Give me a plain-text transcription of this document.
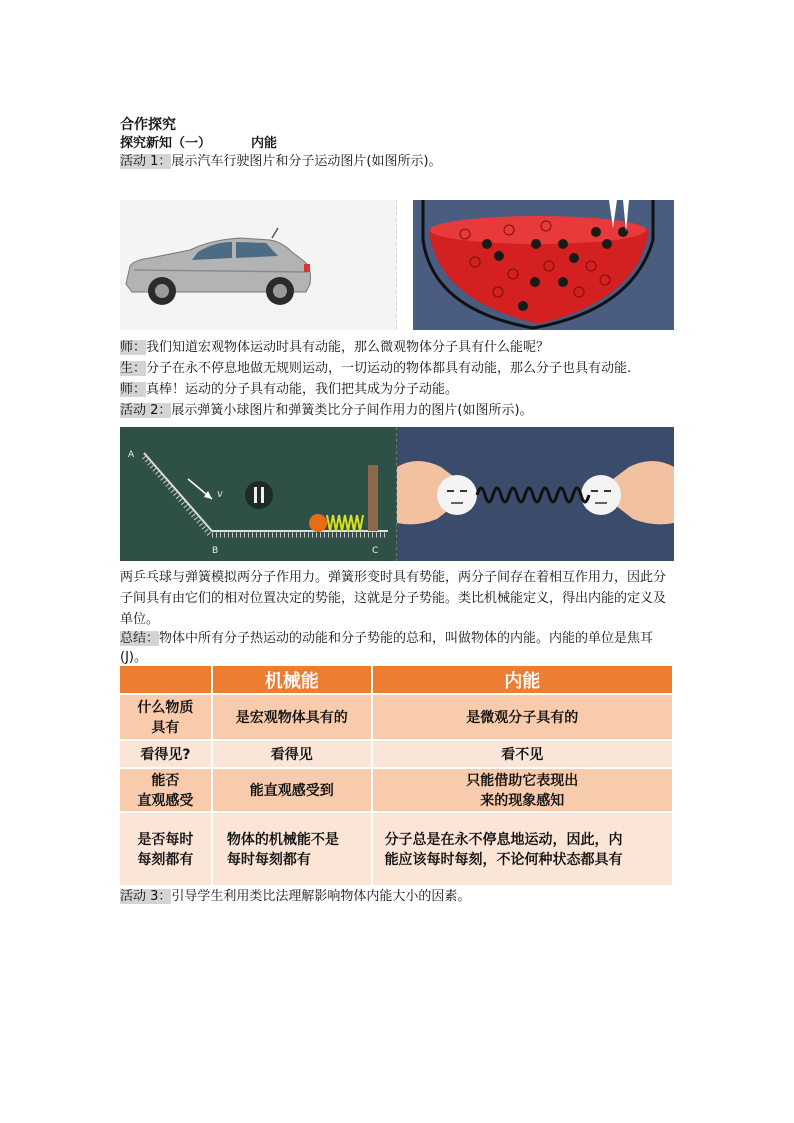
合作探究
探究新知（一）	内能
活动 1：展示汽车行驶图片和分子运动图片(如图所示)。
师：我们知道宏观物体运动时具有动能，那么微观物体分子具有什么能呢？
生：分子在永不停息地做无规则运动，一切运动的物体都具有动能，那么分子也具有动能.
师：真棒！运动的分子具有动能，我们把其成为分子动能。
活动 2：展示弹簧小球图片和弹簧类比分子间作用力的图片(如图所示)。
A
B	C
v
两乒乓球与弹簧模拟两分子作用力。弹簧形变时具有势能，两分子间存在着相互作用力，因此分子间具有由它们的相对位置决定的势能，这就是分子势能。类比机械能定义，得出内能的定义及单位。
总结：物体中所有分子热运动的动能和分子势能的总和，叫做物体的内能。内能的单位是焦耳(J)。
	机械能	内能
什么物质
具有	是宏观物体具有的	是微观分子具有的
看得见?	看得见	看不见
能否
直观感受	能直观感受到	只能借助它表现出
来的现象感知
是否每时
每刻都有	物体的机械能不是
每时每刻都有	分子总是在永不停息地运动，因此，内
能应该每时每刻，不论何种状态都具有
活动 3：引导学生利用类比法理解影响物体内能大小的因素。
